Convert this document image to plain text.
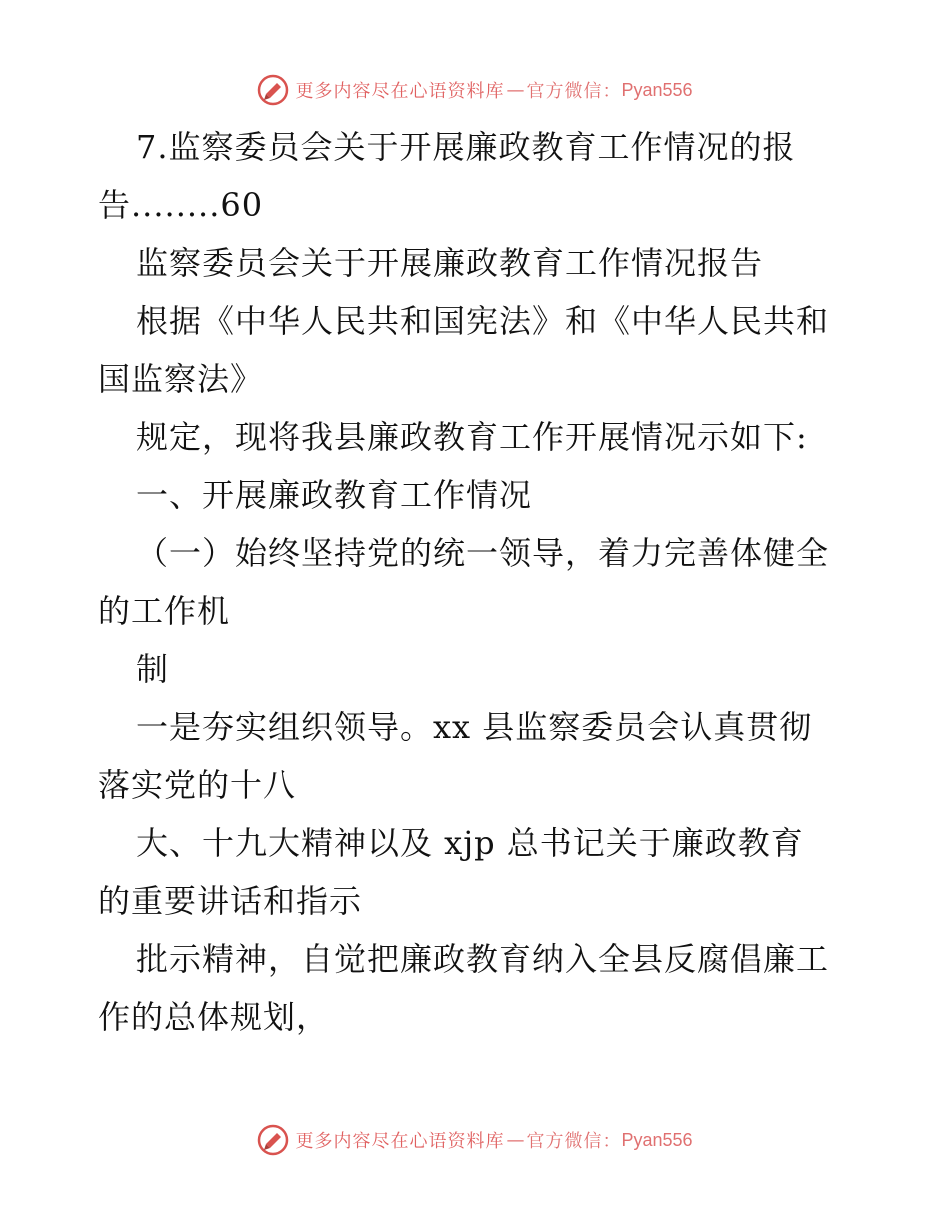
更多内容尽在心语资料库 — 官方微信： Pyan556
7.监察委员会关于开展廉政教育工作情况的报
告........60
监察委员会关于开展廉政教育工作情况报告
根据《中华人民共和国宪法》和《中华人民共和
国监察法》
规定，现将我县廉政教育工作开展情况示如下:
一、开展廉政教育工作情况
（一）始终坚持党的统一领导，着力完善体健全
的工作机
制
一是夯实组织领导。xx 县监察委员会认真贯彻
落实党的十八
大、十九大精神以及 xjp 总书记关于廉政教育
的重要讲话和指示
批示精神，自觉把廉政教育纳入全县反腐倡廉工
作的总体规划，
更多内容尽在心语资料库 — 官方微信： Pyan556
